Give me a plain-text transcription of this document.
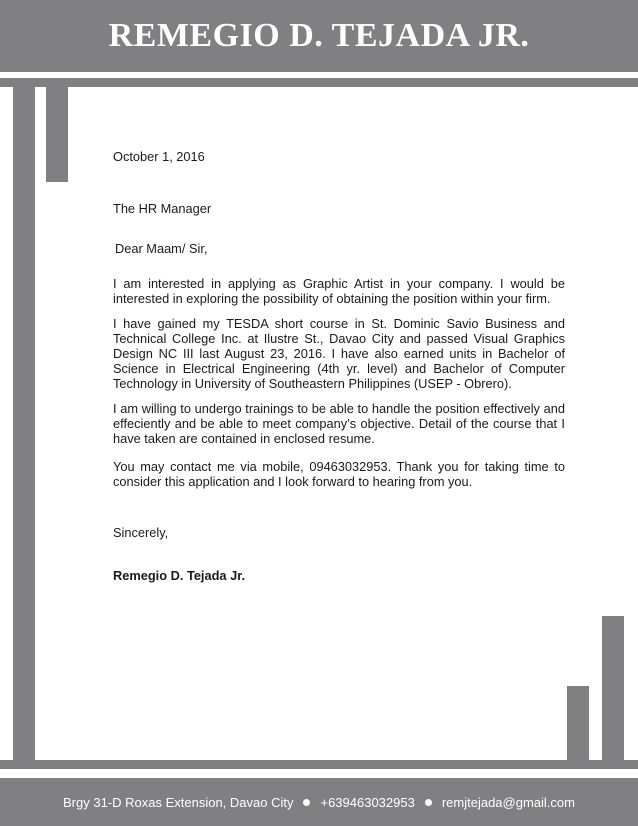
REMEGIO D. TEJADA JR.
October 1, 2016
The HR Manager
Dear Maam/ Sir,

I am interested in applying as Graphic Artist in your company. I would be interested in exploring the possibility of obtaining the position within your firm.

I have gained my TESDA short course in St. Dominic Savio Business and Technical College Inc. at Ilustre St., Davao City and passed Visual Graphics Design NC III last August 23, 2016. I have also earned units in Bachelor of Science in Electrical Engineering (4th yr. level) and Bachelor of Computer Technology in University of Southeastern Philippines (USEP - Obrero).

I am willing to undergo trainings to be able to handle the position effectively and effeciently and be able to meet company’s objective. Detail of the course that I have taken are contained in enclosed resume.

You may contact me via mobile, 09463032953. Thank you for taking time to consider this application and I look forward to hearing from you.

Sincerely,
Remegio D. Tejada Jr.
Brgy 31-D Roxas Extension, Davao City +639463032953 remjtejada@gmail.com
